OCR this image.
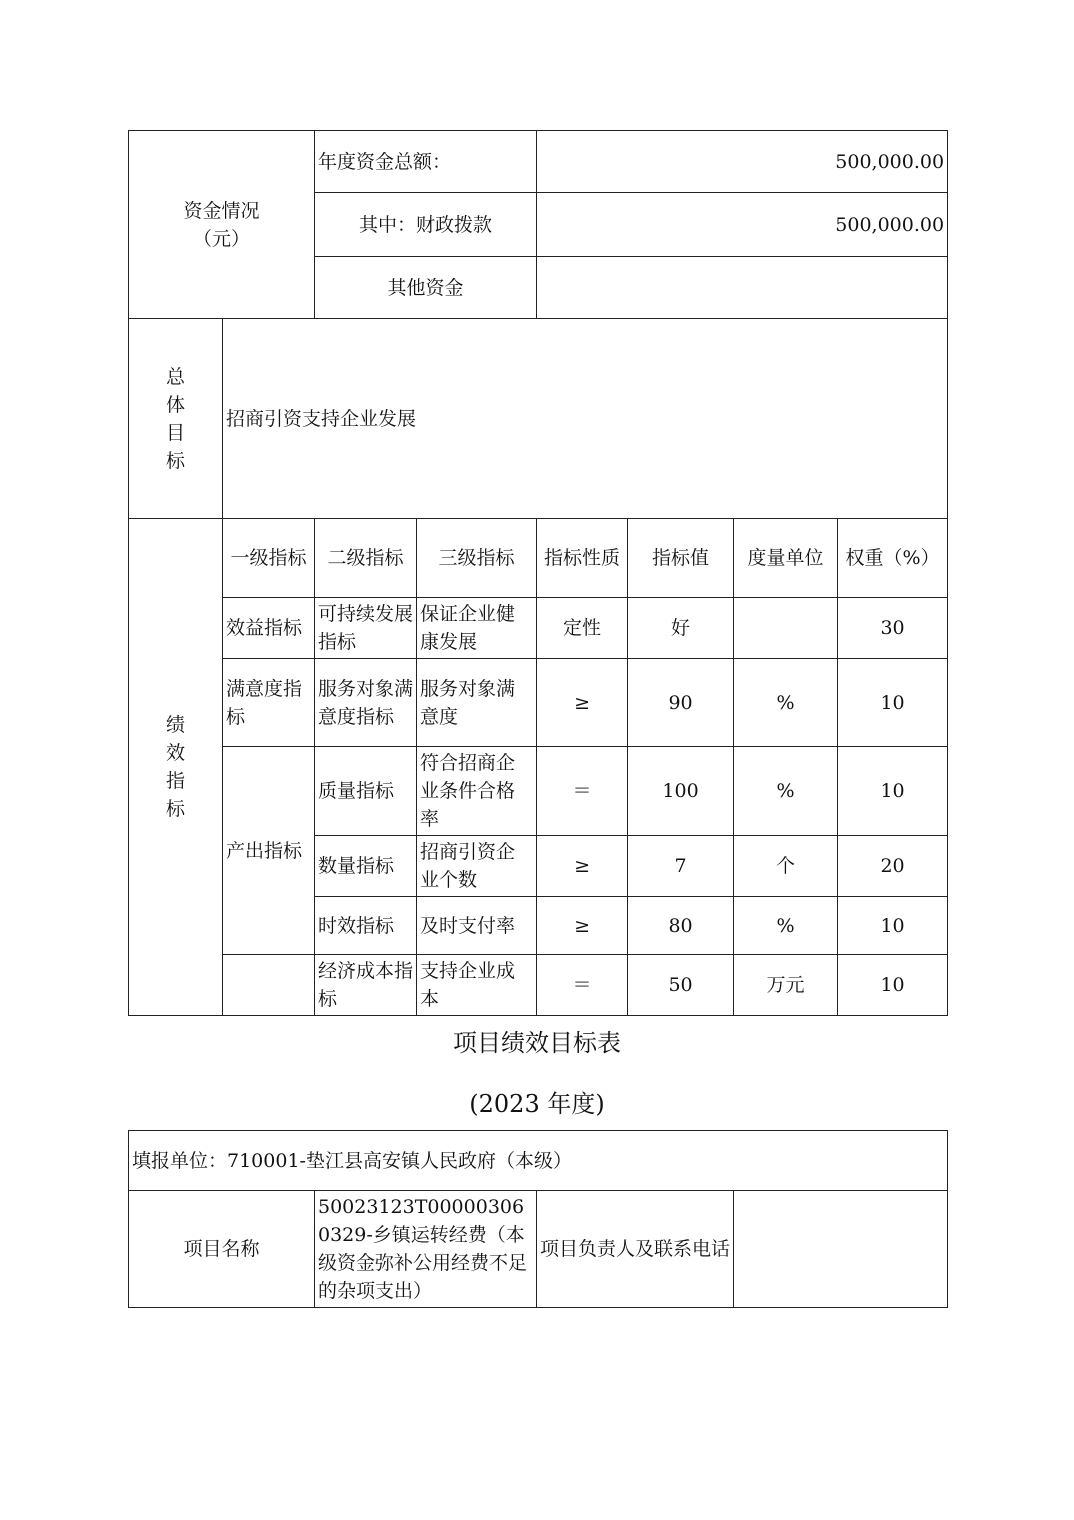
资金情况
（元）		年度资金总额：		500,000.00			
		其中：财政拨款		500,000.00			
		其他资金					

总
体
目
标	招商引资支持企业发展						

绩
效
指
标	一级指标	二级指标	三级指标	指标性质	指标值	度量单位	权重（%）
	效益指标	可持续发展指标	保证企业健康发展	定性	好		30
	满意度指标	服务对象满意度指标	服务对象满意度	≥	90	%	10
	产出指标	质量指标	符合招商企业条件合格率	＝	100	%	10
		数量指标	招商引资企业个数	≥	7	个	20
		时效指标	及时支付率	≥	80	%	10
		经济成本指标	支持企业成本	＝	50	万元	10
项目绩效目标表
(2023 年度)
填报单位：710001-垫江县高安镇人民政府（本级）
项目名称	50023123T000003060329-乡镇运转经费（本级资金弥补公用经费不足的杂项支出）	项目负责人及联系电话	
